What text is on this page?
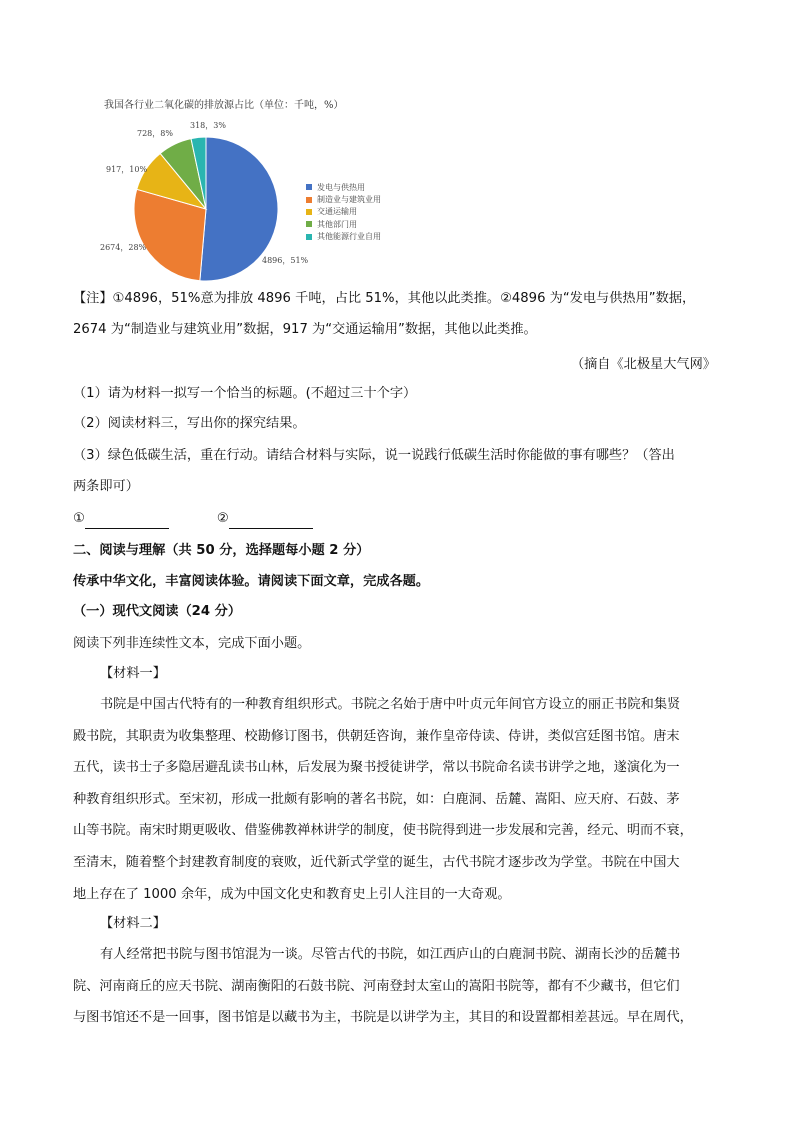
我国各行业二氧化碳的排放源占比（单位：千吨，%）
4896，51%
2674，28%
917，10%
728，8%
318，3%
发电与供热用
制造业与建筑业用
交通运输用
其他部门用
其他能源行业自用
【注】①4896，51%意为排放 4896 千吨，占比 51%，其他以此类推。②4896 为“发电与供热用”数据，
2674 为“制造业与建筑业用”数据，917 为“交通运输用”数据，其他以此类推。
（摘自《北极星大气网》
（1）请为材料一拟写一个恰当的标题。(不超过三十个字）
（2）阅读材料三，写出你的探究结果。
（3）绿色低碳生活，重在行动。请结合材料与实际，说一说践行低碳生活时你能做的事有哪些？（答出
两条即可）
①	②
二、阅读与理解（共 50 分，选择题每小题 2 分）
传承中华文化，丰富阅读体验。请阅读下面文章，完成各题。
（一）现代文阅读（24 分）
阅读下列非连续性文本，完成下面小题。
【材料一】
书院是中国古代特有的一种教育组织形式。书院之名始于唐中叶贞元年间官方设立的丽正书院和集贤
殿书院，其职责为收集整理、校勘修订图书，供朝廷咨询，兼作皇帝侍读、侍讲，类似宫廷图书馆。唐末
五代，读书士子多隐居避乱读书山林，后发展为聚书授徒讲学，常以书院命名读书讲学之地，遂演化为一
种教育组织形式。至宋初，形成一批颇有影响的著名书院，如：白鹿洞、岳麓、嵩阳、应天府、石鼓、茅
山等书院。南宋时期更吸收、借鉴佛教禅林讲学的制度，使书院得到进一步发展和完善，经元、明而不衰，
至清末，随着整个封建教育制度的衰败，近代新式学堂的诞生，古代书院才逐步改为学堂。书院在中国大
地上存在了 1000 余年，成为中国文化史和教育史上引人注目的一大奇观。
【材料二】
有人经常把书院与图书馆混为一谈。尽管古代的书院，如江西庐山的白鹿洞书院、湖南长沙的岳麓书
院、河南商丘的应天书院、湖南衡阳的石鼓书院、河南登封太室山的嵩阳书院等，都有不少藏书，但它们
与图书馆还不是一回事，图书馆是以藏书为主，书院是以讲学为主，其目的和设置都相差甚远。早在周代，
